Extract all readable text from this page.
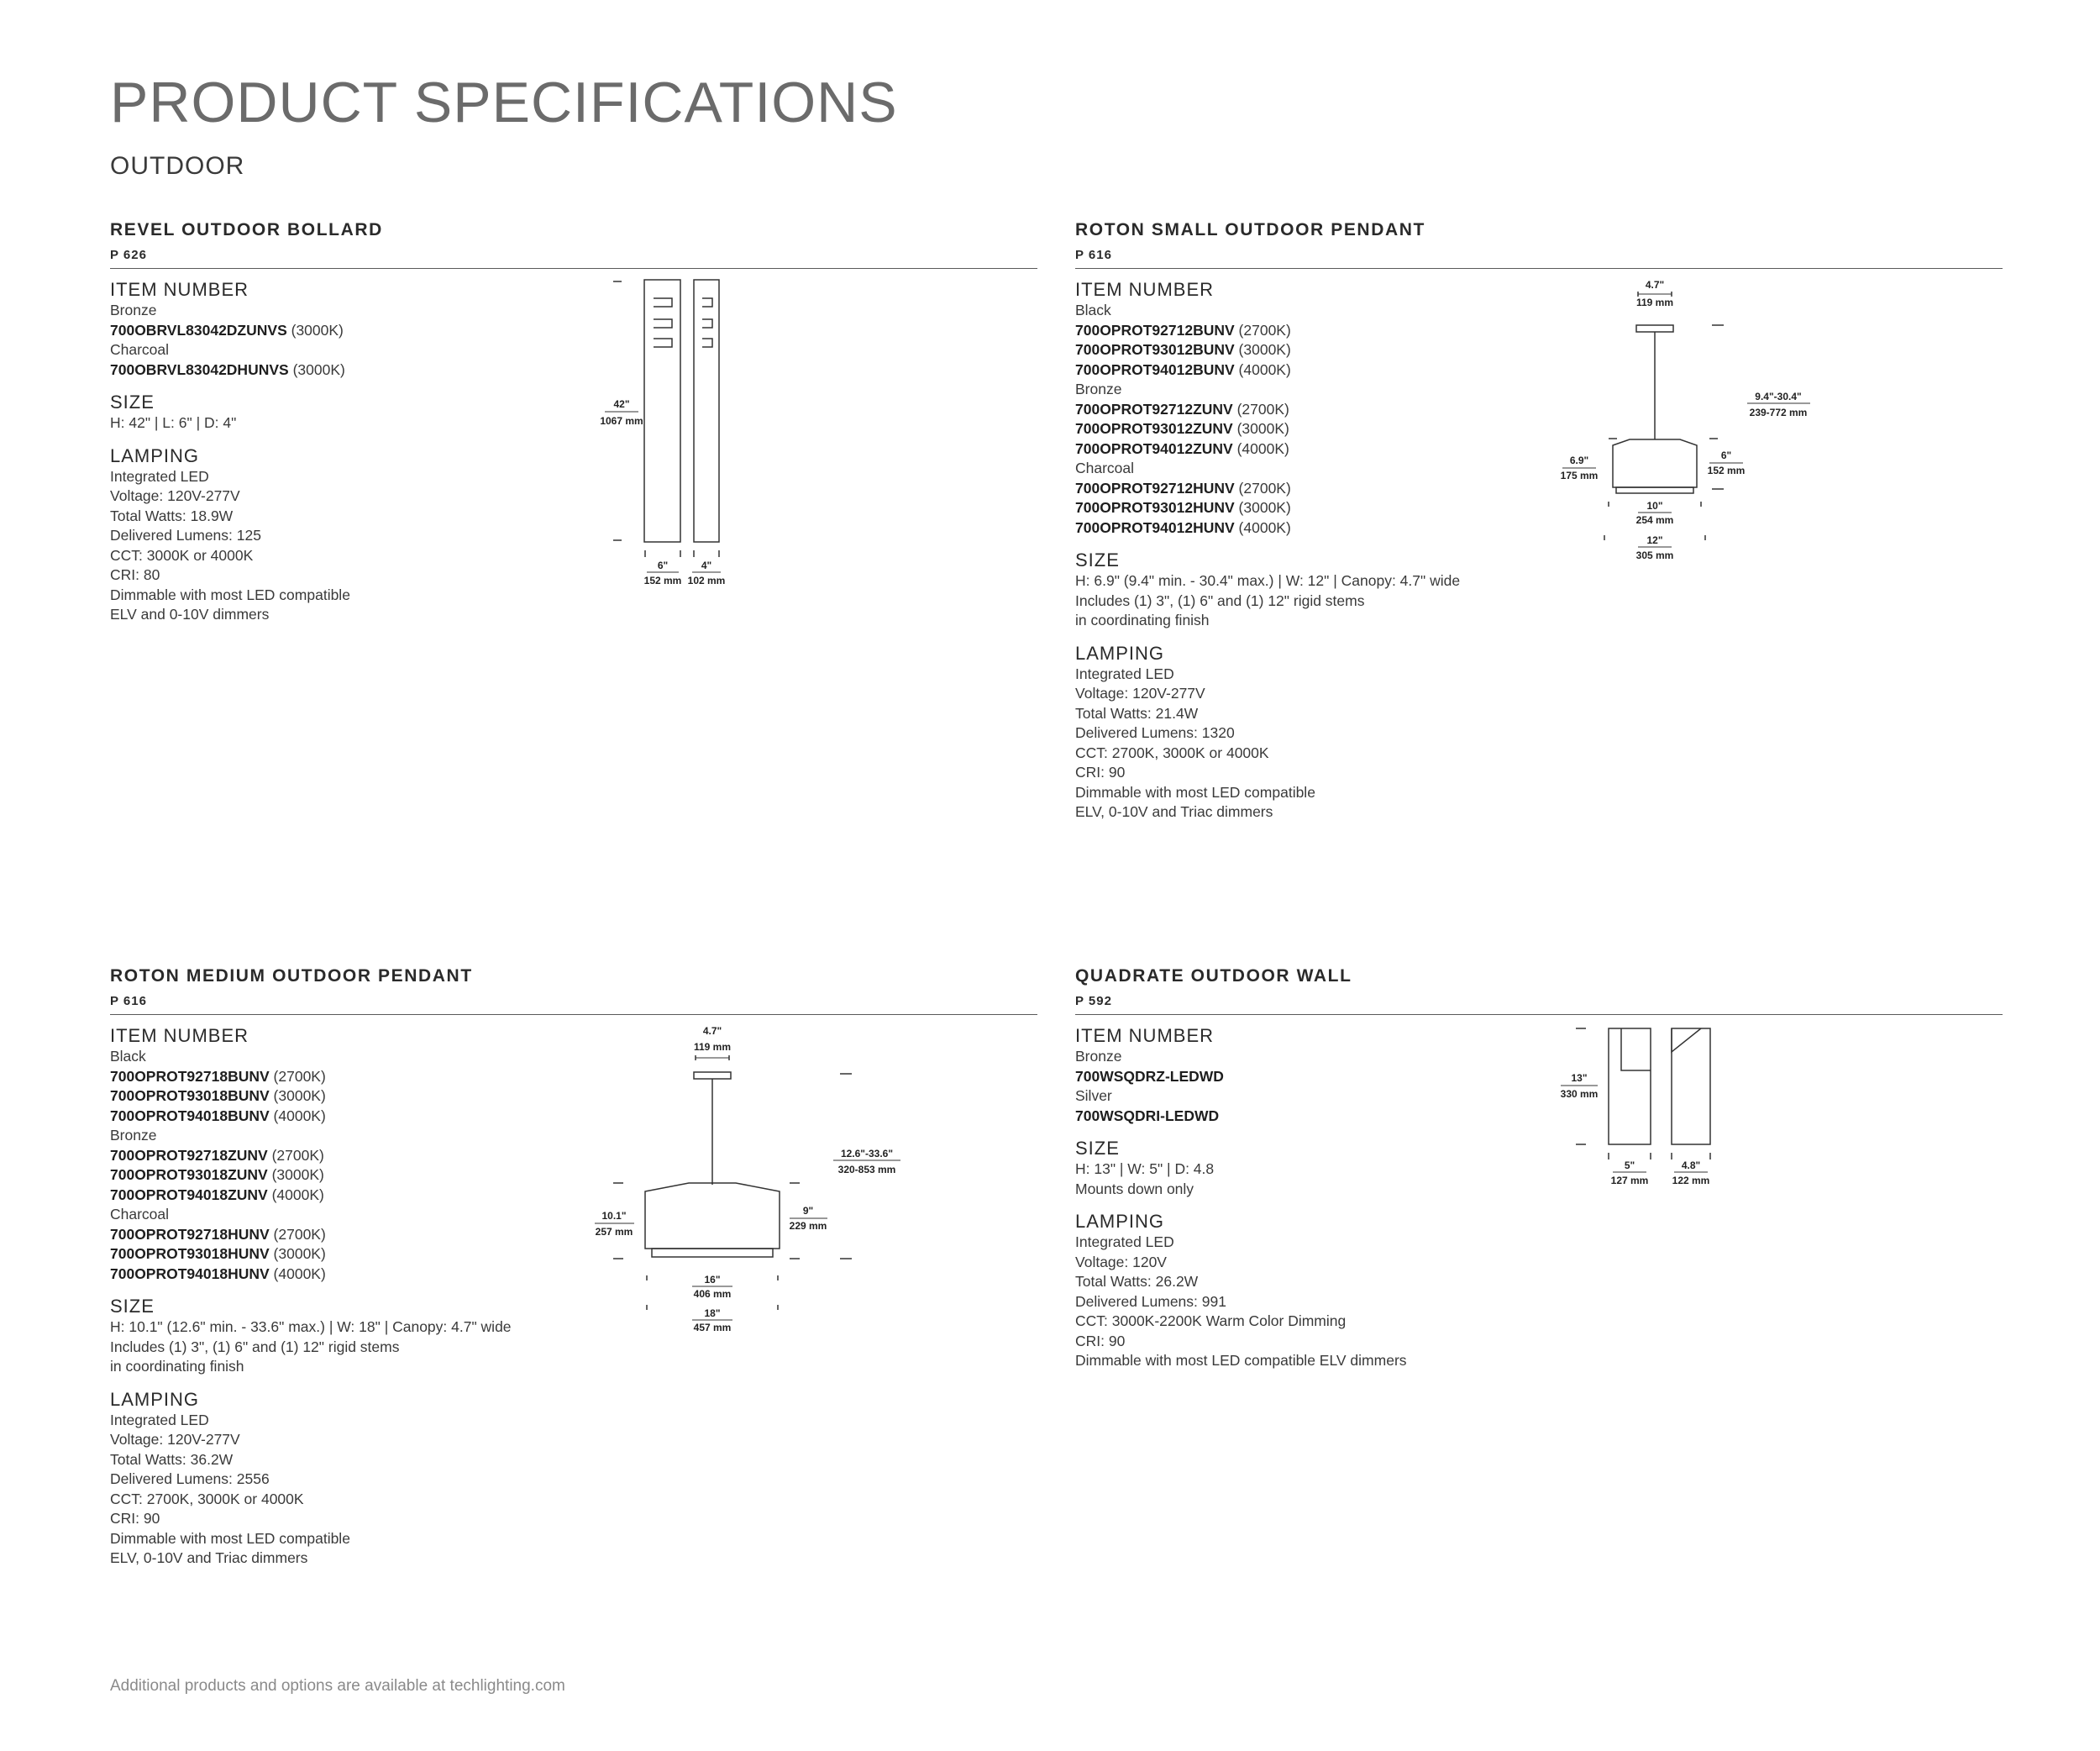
PRODUCT SPECIFICATIONS
OUTDOOR
REVEL OUTDOOR BOLLARD
P 626
ITEM NUMBER
Bronze
700OBRVL83042DZUNVS (3000K)
Charcoal
700OBRVL83042DHUNVS (3000K)
SIZE
H: 42" | L: 6" | D: 4"
LAMPING
Integrated LED
Voltage: 120V-277V
Total Watts: 18.9W
Delivered Lumens: 125
CCT: 3000K or 4000K
CRI: 80
Dimmable with most LED compatible
ELV and 0-10V dimmers
ROTON SMALL OUTDOOR PENDANT
P 616
ITEM NUMBER
Black
700OPROT92712BUNV (2700K)
700OPROT93012BUNV (3000K)
700OPROT94012BUNV (4000K)
Bronze
700OPROT92712ZUNV (2700K)
700OPROT93012ZUNV (3000K)
700OPROT94012ZUNV (4000K)
Charcoal
700OPROT92712HUNV (2700K)
700OPROT93012HUNV (3000K)
700OPROT94012HUNV (4000K)
SIZE
H: 6.9" (9.4" min. - 30.4" max.) | W: 12" | Canopy: 4.7" wide
Includes (1) 3", (1) 6" and (1) 12" rigid stems
in coordinating finish
LAMPING
Integrated LED
Voltage: 120V-277V
Total Watts: 21.4W
Delivered Lumens: 1320
CCT: 2700K, 3000K or 4000K
CRI: 90
Dimmable with most LED compatible
ELV, 0-10V and Triac dimmers
ROTON MEDIUM OUTDOOR PENDANT
P 616
ITEM NUMBER
Black
700OPROT92718BUNV (2700K)
700OPROT93018BUNV (3000K)
700OPROT94018BUNV (4000K)
Bronze
700OPROT92718ZUNV (2700K)
700OPROT93018ZUNV (3000K)
700OPROT94018ZUNV (4000K)
Charcoal
700OPROT92718HUNV (2700K)
700OPROT93018HUNV (3000K)
700OPROT94018HUNV (4000K)
SIZE
H: 10.1" (12.6" min. - 33.6" max.) | W: 18" | Canopy: 4.7" wide
Includes (1) 3", (1) 6" and (1) 12" rigid stems
in coordinating finish
LAMPING
Integrated LED
Voltage: 120V-277V
Total Watts: 36.2W
Delivered Lumens: 2556
CCT: 2700K, 3000K or 4000K
CRI: 90
Dimmable with most LED compatible
ELV, 0-10V and Triac dimmers
QUADRATE OUTDOOR WALL
P 592
ITEM NUMBER
Bronze
700WSQDRZ-LEDWD
Silver
700WSQDRI-LEDWD
SIZE
H: 13" | W: 5" | D: 4.8
Mounts down only
LAMPING
Integrated LED
Voltage: 120V
Total Watts: 26.2W
Delivered Lumens: 991
CCT: 3000K-2200K Warm Color Dimming
CRI: 90
Dimmable with most LED compatible ELV dimmers
42"
1067 mm
6"
152 mm
4"
102 mm
4.7"
119 mm
9.4"-30.4"
239-772 mm
6.9"
175 mm
6"
152 mm
10"
254 mm
12"
305 mm
4.7"
119 mm
12.6"-33.6"
320-853 mm
10.1"
257 mm
9"
229 mm
16"
406 mm
18"
457 mm
13"
330 mm
5"
127 mm
4.8"
122 mm
Additional products and options are available at techlighting.com
